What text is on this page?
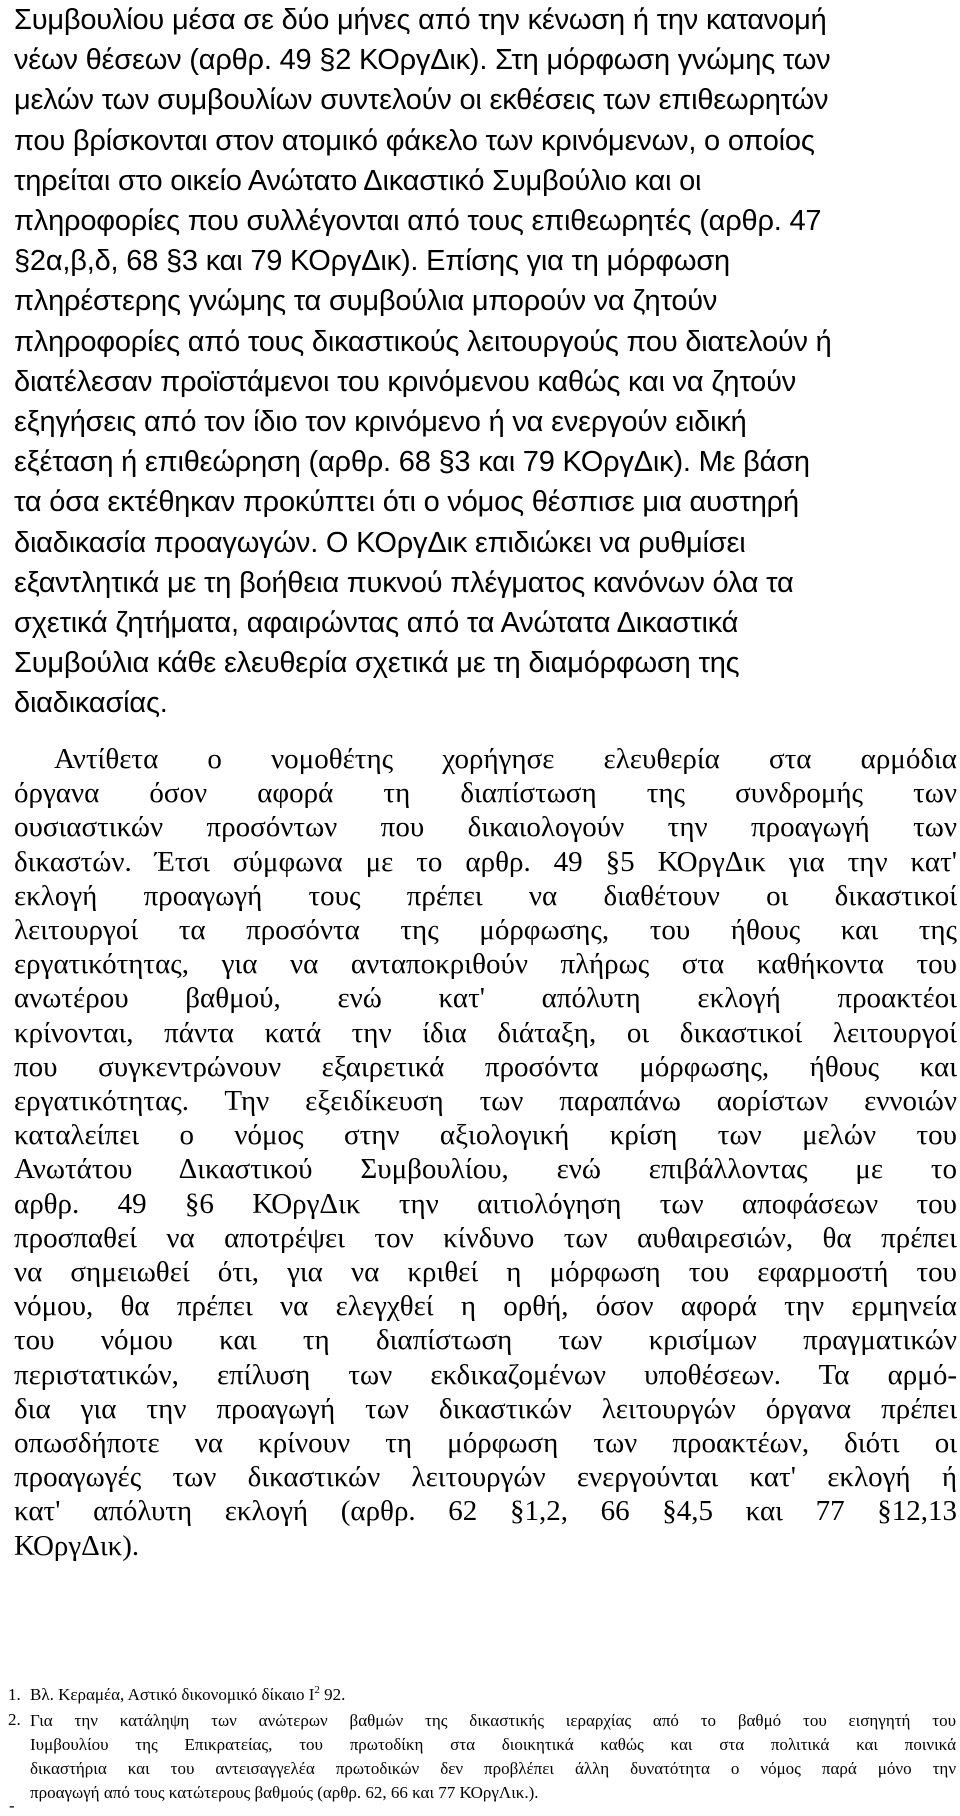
Συμβουλίου μέσα σε δύο μήνες από την κένωση ή την κατανομή
νέων θέσεων (αρθρ. 49 §2 ΚΟργΔικ). Στη μόρφωση γνώμης των
μελών των συμβουλίων συντελούν οι εκθέσεις των επιθεωρητών
που βρίσκονται στον ατομικό φάκελο των κρινόμενων, ο οποίος
τηρείται στο οικείο Ανώτατο Δικαστικό Συμβούλιο και οι
πληροφορίες που συλλέγονται από τους επιθεωρητές (αρθρ. 47
§2α,β,δ, 68 §3 και 79 ΚΟργΔικ). Επίσης για τη μόρφωση
πληρέστερης γνώμης τα συμβούλια μπορούν να ζητούν
πληροφορίες από τους δικαστικούς λειτουργούς που διατελούν ή
διατέλεσαν προϊστάμενοι του κρινόμενου καθώς και να ζητούν
εξηγήσεις από τον ίδιο τον κρινόμενο ή να ενεργούν ειδική
εξέταση ή επιθεώρηση (αρθρ. 68 §3 και 79 ΚΟργΔικ). Με βάση
τα όσα εκτέθηκαν προκύπτει ότι ο νόμος θέσπισε μια αυστηρή
διαδικασία προαγωγών. Ο ΚΟργΔικ επιδιώκει να ρυθμίσει
εξαντλητικά με τη βοήθεια πυκνού πλέγματος κανόνων όλα τα
σχετικά ζητήματα, αφαιρώντας από τα Ανώτατα Δικαστικά
Συμβούλια κάθε ελευθερία σχετικά με τη διαμόρφωση της
διαδικασίας.
Αντίθετα ο νομοθέτης χορήγησε ελευθερία στα αρμόδια
όργανα όσον αφορά τη διαπίστωση της συνδρομής των
ουσιαστικών προσόντων που δικαιολογούν την προαγωγή των
δικαστών. Έτσι σύμφωνα με το αρθρ. 49 §5 ΚΟργΔικ για την κατ'
εκλογή προαγωγή τους πρέπει να διαθέτουν οι δικαστικοί
λειτουργοί τα προσόντα της μόρφωσης, του ήθους και της
εργατικότητας, για να ανταποκριθούν πλήρως στα καθήκοντα του
ανωτέρου βαθμού, ενώ κατ' απόλυτη εκλογή προακτέοι
κρίνονται, πάντα κατά την ίδια διάταξη, οι δικαστικοί λειτουργοί
που συγκεντρώνουν εξαιρετικά προσόντα μόρφωσης, ήθους και
εργατικότητας. Την εξειδίκευση των παραπάνω αορίστων εννοιών
καταλείπει ο νόμος στην αξιολογική κρίση των μελών του
Ανωτάτου Δικαστικού Συμβουλίου, ενώ επιβάλλοντας με το
αρθρ. 49 §6 ΚΟργΔικ την αιτιολόγηση των αποφάσεων του
προσπαθεί να αποτρέψει τον κίνδυνο των αυθαιρεσιών, θα πρέπει
να σημειωθεί ότι, για να κριθεί η μόρφωση του εφαρμοστή του
νόμου, θα πρέπει να ελεγχθεί η ορθή, όσον αφορά την ερμηνεία
του νόμου και τη διαπίστωση των κρισίμων πραγματικών
περιστατικών, επίλυση των εκδικαζομένων υποθέσεων. Τα αρμό-
δια για την προαγωγή των δικαστικών λειτουργών όργανα πρέπει
οπωσδήποτε να κρίνουν τη μόρφωση των προακτέων, διότι οι
προαγωγές των δικαστικών λειτουργών ενεργούνται κατ' εκλογή ή
κατ' απόλυτη εκλογή (αρθρ. 62 §1,2, 66 §4,5 και 77 §12,13
ΚΟργΔικ).
1. Βλ. Κεραμέα, Αστικό δικονομικό δίκαιο $I^2$ 92.
2. Για την κατάληψη των ανώτερων βαθμών της δικαστικής ιεραρχίας από το βαθμό του εισηγητή του
Ιυμβουλίου της Επικρατείας, του πρωτοδίκη στα διοικητικά καθώς και στα πολιτικά και ποινικά
δικαστήρια και του αντεισαγγελέα πρωτοδικών δεν προβλέπει άλλη δυνατότητα ο νόμος παρά μόνο την
προαγωγή από τους κατώτερους βαθμούς (αρθρ. 62, 66 και 77 ΚΟργΛικ.).
-
